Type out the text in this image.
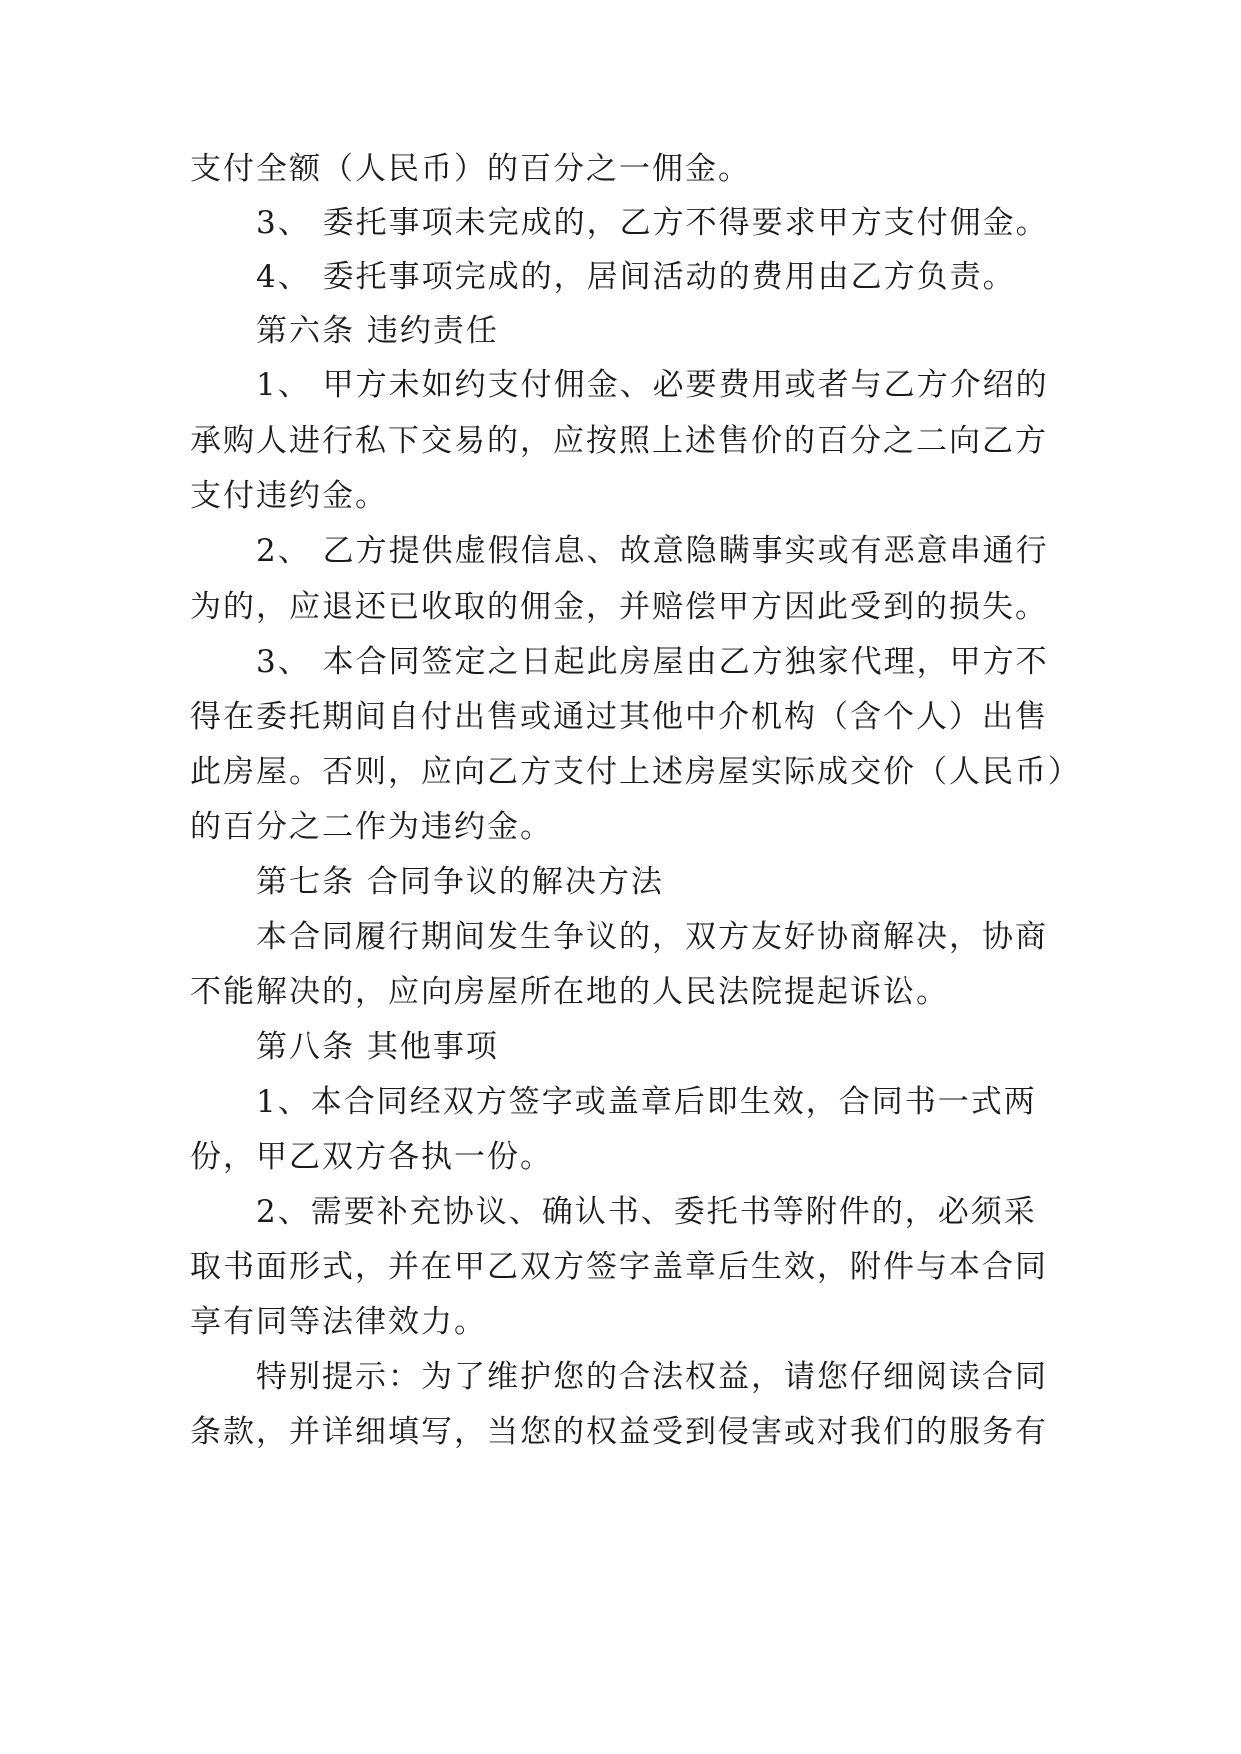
支付全额（人民币）的百分之一佣金。
3、 委托事项未完成的，乙方不得要求甲方支付佣金。
4、 委托事项完成的，居间活动的费用由乙方负责。
第六条 违约责任
1、 甲方未如约支付佣金、必要费用或者与乙方介绍的
承购人进行私下交易的，应按照上述售价的百分之二向乙方
支付违约金。
2、 乙方提供虚假信息、故意隐瞒事实或有恶意串通行
为的，应退还已收取的佣金，并赔偿甲方因此受到的损失。
3、 本合同签定之日起此房屋由乙方独家代理，甲方不
得在委托期间自付出售或通过其他中介机构（含个人）出售
此房屋。否则，应向乙方支付上述房屋实际成交价（人民币）
的百分之二作为违约金。
第七条 合同争议的解决方法
本合同履行期间发生争议的，双方友好协商解决，协商
不能解决的，应向房屋所在地的人民法院提起诉讼。
第八条 其他事项
1、本合同经双方签字或盖章后即生效，合同书一式两
份，甲乙双方各执一份。
2、需要补充协议、确认书、委托书等附件的，必须采
取书面形式，并在甲乙双方签字盖章后生效，附件与本合同
享有同等法律效力。
特别提示：为了维护您的合法权益，请您仔细阅读合同
条款，并详细填写，当您的权益受到侵害或对我们的服务有
